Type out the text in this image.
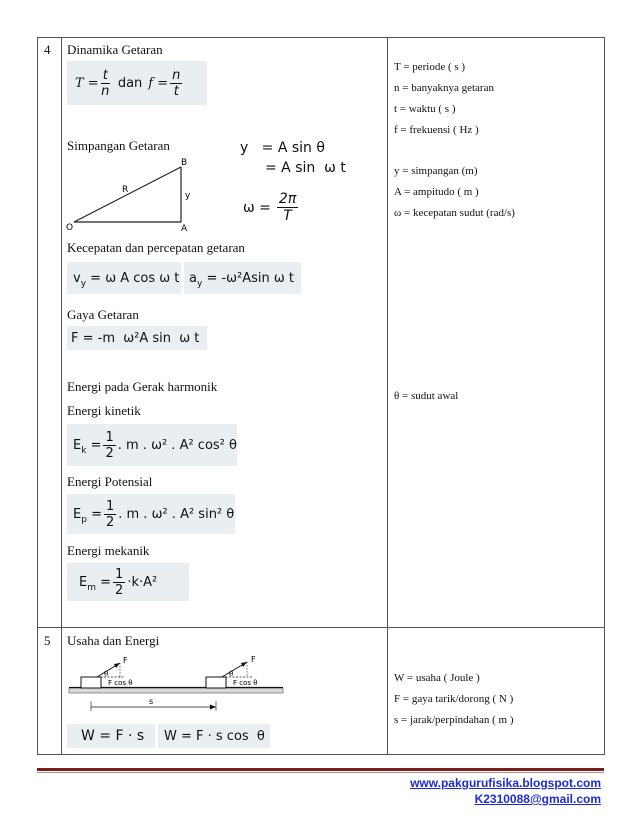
4 Dinamika Getaran
$T = \frac{t}{n}$ dan $f = \frac{n}{t}$
Simpangan Getaran
B
R
y
O	A
y   = A sin θ
= A sin  ω t
$\omega = \frac{2\pi}{T}$
Kecepatan dan percepatan getaran
$v_y = \omega$ A cos ω t $a_y = -\omega^2Asin$ ω t
Gaya Getaran
F = -m  ω²A sin  ω t
Energi pada Gerak harmonik
Energi kinetik
$E_k = \frac{1}{2}$ . m . ω² . A² cos² θ
Energi Potensial
$E_p = \frac{1}{2}$ . m . ω² . A² sin² θ
Energi mekanik
$E_m = \frac{1}{2} \cdot k\cdot A^2$
T = periode ( s )
n = banyaknya getaran
t = waktu ( s )
f = frekuensi ( Hz )
y = simpangan (m)
A = ampitudo ( m )
ω = kecepatan sudut (rad/s)
θ = sudut awal
5 Usaha dan Energi
F
θ
F cos θ
F
θ
F cos θ
s
W = F · s W = F · s cos  θ
W = usaha ( Joule )
F = gaya tarik/dorong ( N )
s = jarak/perpindahan ( m )
www.pakgurufisika.blogspot.com
K2310088@gmail.com
